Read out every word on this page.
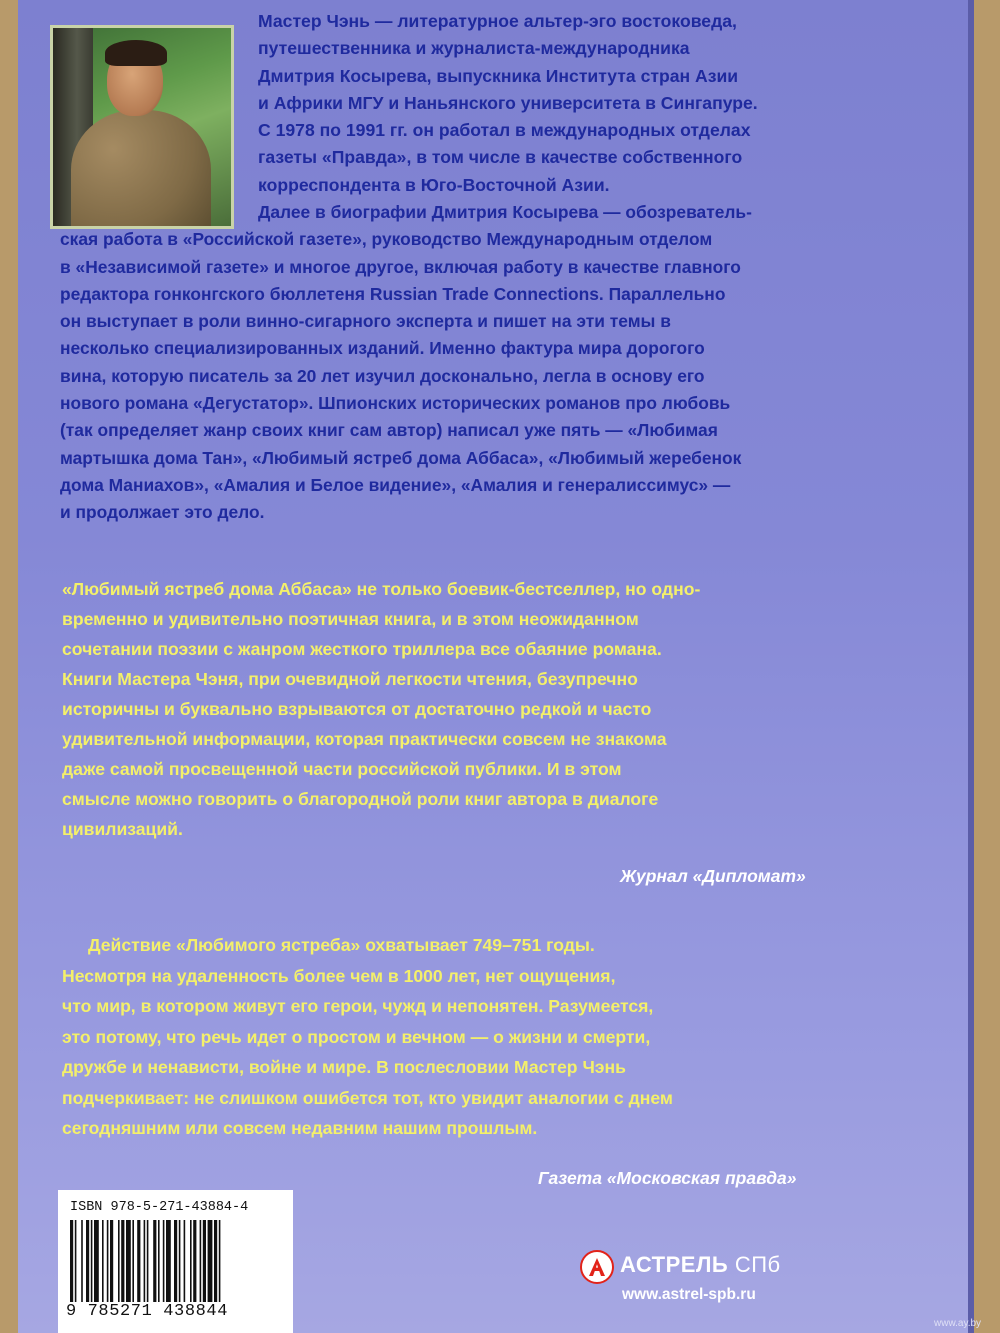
Мастер Чэнь — литературное альтер-эго востоковеда,
путешественника и журналиста-международника
Дмитрия Косырева, выпускника Института стран Азии
и Африки МГУ и Наньянского университета в Сингапуре.
С 1978 по 1991 гг. он работал в международных отделах
газеты «Правда», в том числе в качестве собственного
корреспондента в Юго-Восточной Азии.
Далее в биографии Дмитрия Косырева — обозреватель-
ская работа в «Российской газете», руководство Международным отделом
в «Независимой газете» и многое другое, включая работу в качестве главного
редактора гонконгского бюллетеня Russian Trade Connections. Параллельно
он выступает в роли винно-сигарного эксперта и пишет на эти темы в
несколько специализированных изданий. Именно фактура мира дорогого
вина, которую писатель за 20 лет изучил досконально, легла в основу его
нового романа «Дегустатор». Шпионских исторических романов про любовь
(так определяет жанр своих книг сам автор) написал уже пять — «Любимая
мартышка дома Тан», «Любимый ястреб дома Аббаса», «Любимый жеребенок
дома Маниахов», «Амалия и Белое видение», «Амалия и генералиссимус» —
и продолжает это дело.
«Любимый ястреб дома Аббаса» не только боевик-бестселлер, но одно-
временно и удивительно поэтичная книга, и в этом неожиданном
сочетании поэзии с жанром жесткого триллера все обаяние романа.
Книги Мастера Чэня, при очевидной легкости чтения, безупречно
историчны и буквально взрываются от достаточно редкой и часто
удивительной информации, которая практически совсем не знакома
даже самой просвещенной части российской публики. И в этом
смысле можно говорить о благородной роли книг автора в диалоге
цивилизаций.
Журнал «Дипломат»
Действие «Любимого ястреба» охватывает 749–751 годы.
Несмотря на удаленность более чем в 1000 лет, нет ощущения,
что мир, в котором живут его герои, чужд и непонятен. Разумеется,
это потому, что речь идет о простом и вечном — о жизни и смерти,
дружбе и ненависти, войне и мире. В послесловии Мастер Чэнь
подчеркивает: не слишком ошибется тот, кто увидит аналогии с днем
сегодняшним или совсем недавним нашим прошлым.
Газета «Московская правда»
ISBN 978-5-271-43884-4
9 785271 438844
АСТРЕЛЬ СПб
www.astrel-spb.ru
www.ay.by
